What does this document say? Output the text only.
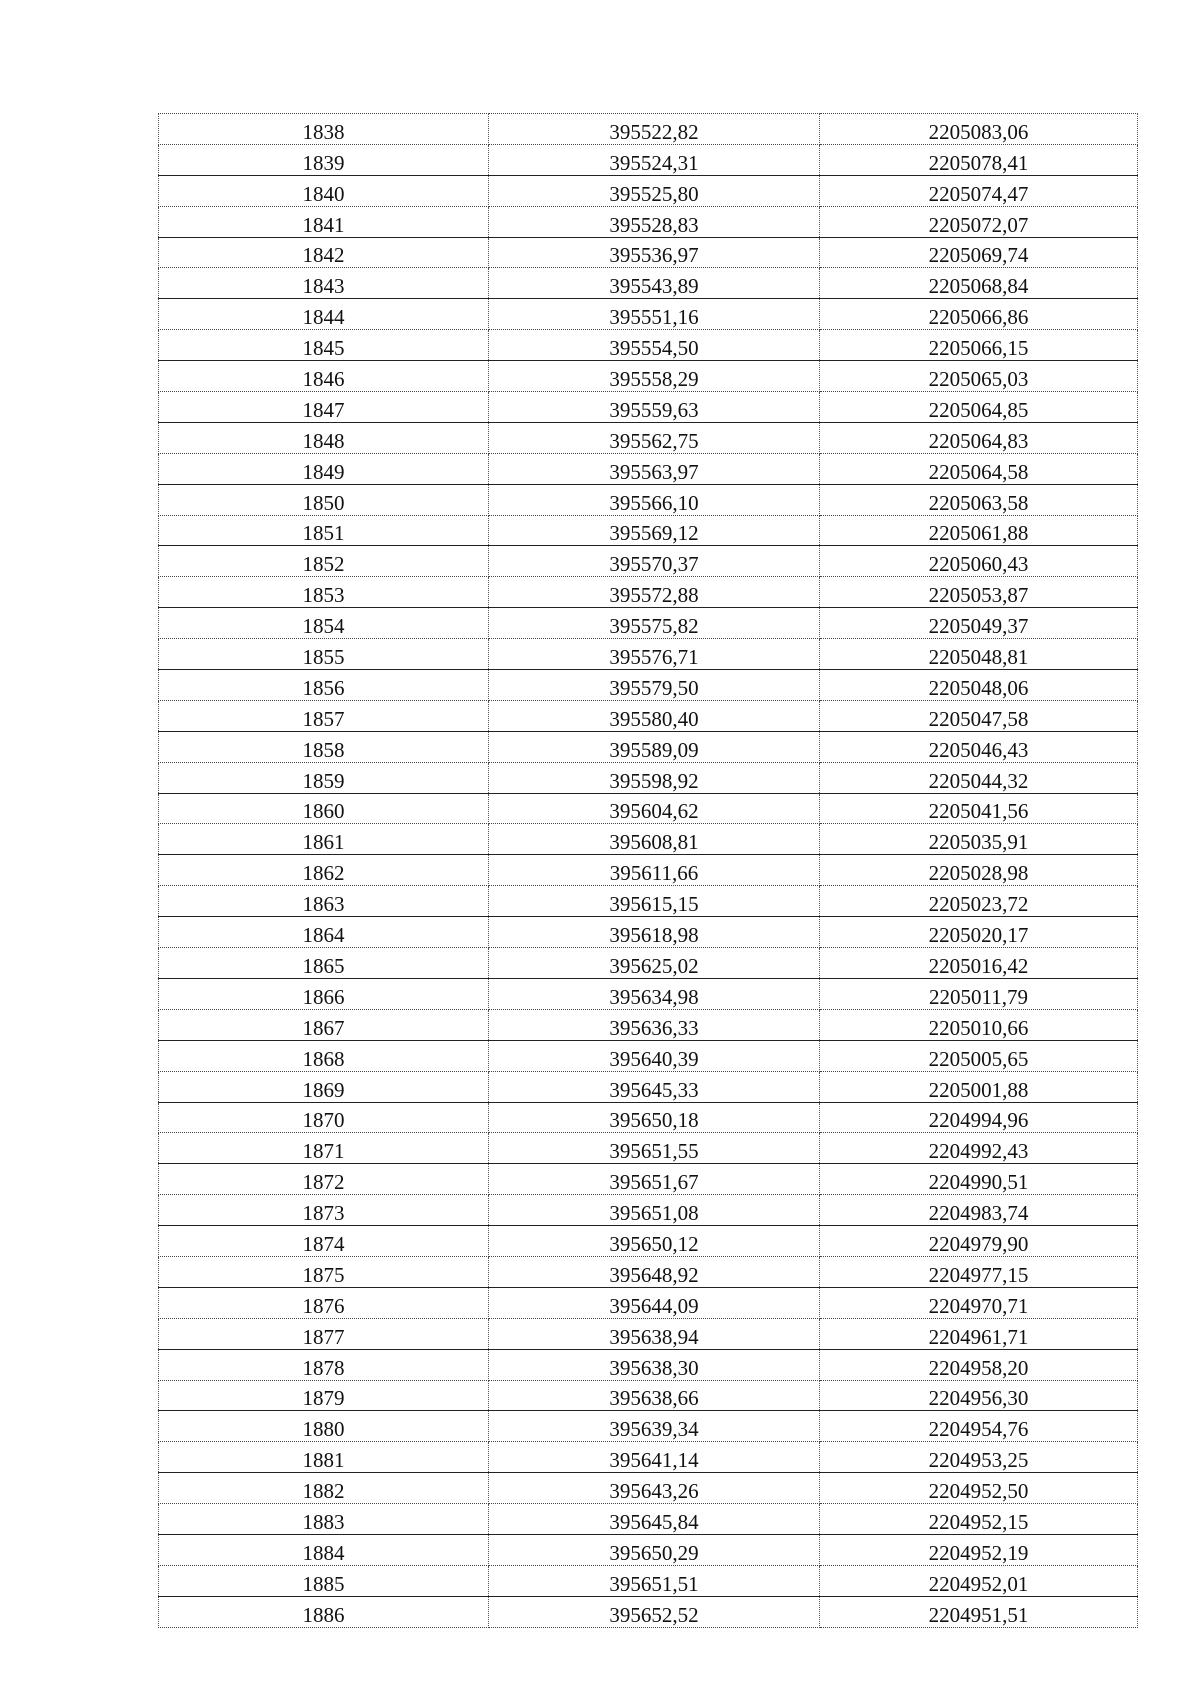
1838	395522,82	2205083,06
1839	395524,31	2205078,41
1840	395525,80	2205074,47
1841	395528,83	2205072,07
1842	395536,97	2205069,74
1843	395543,89	2205068,84
1844	395551,16	2205066,86
1845	395554,50	2205066,15
1846	395558,29	2205065,03
1847	395559,63	2205064,85
1848	395562,75	2205064,83
1849	395563,97	2205064,58
1850	395566,10	2205063,58
1851	395569,12	2205061,88
1852	395570,37	2205060,43
1853	395572,88	2205053,87
1854	395575,82	2205049,37
1855	395576,71	2205048,81
1856	395579,50	2205048,06
1857	395580,40	2205047,58
1858	395589,09	2205046,43
1859	395598,92	2205044,32
1860	395604,62	2205041,56
1861	395608,81	2205035,91
1862	395611,66	2205028,98
1863	395615,15	2205023,72
1864	395618,98	2205020,17
1865	395625,02	2205016,42
1866	395634,98	2205011,79
1867	395636,33	2205010,66
1868	395640,39	2205005,65
1869	395645,33	2205001,88
1870	395650,18	2204994,96
1871	395651,55	2204992,43
1872	395651,67	2204990,51
1873	395651,08	2204983,74
1874	395650,12	2204979,90
1875	395648,92	2204977,15
1876	395644,09	2204970,71
1877	395638,94	2204961,71
1878	395638,30	2204958,20
1879	395638,66	2204956,30
1880	395639,34	2204954,76
1881	395641,14	2204953,25
1882	395643,26	2204952,50
1883	395645,84	2204952,15
1884	395650,29	2204952,19
1885	395651,51	2204952,01
1886	395652,52	2204951,51
